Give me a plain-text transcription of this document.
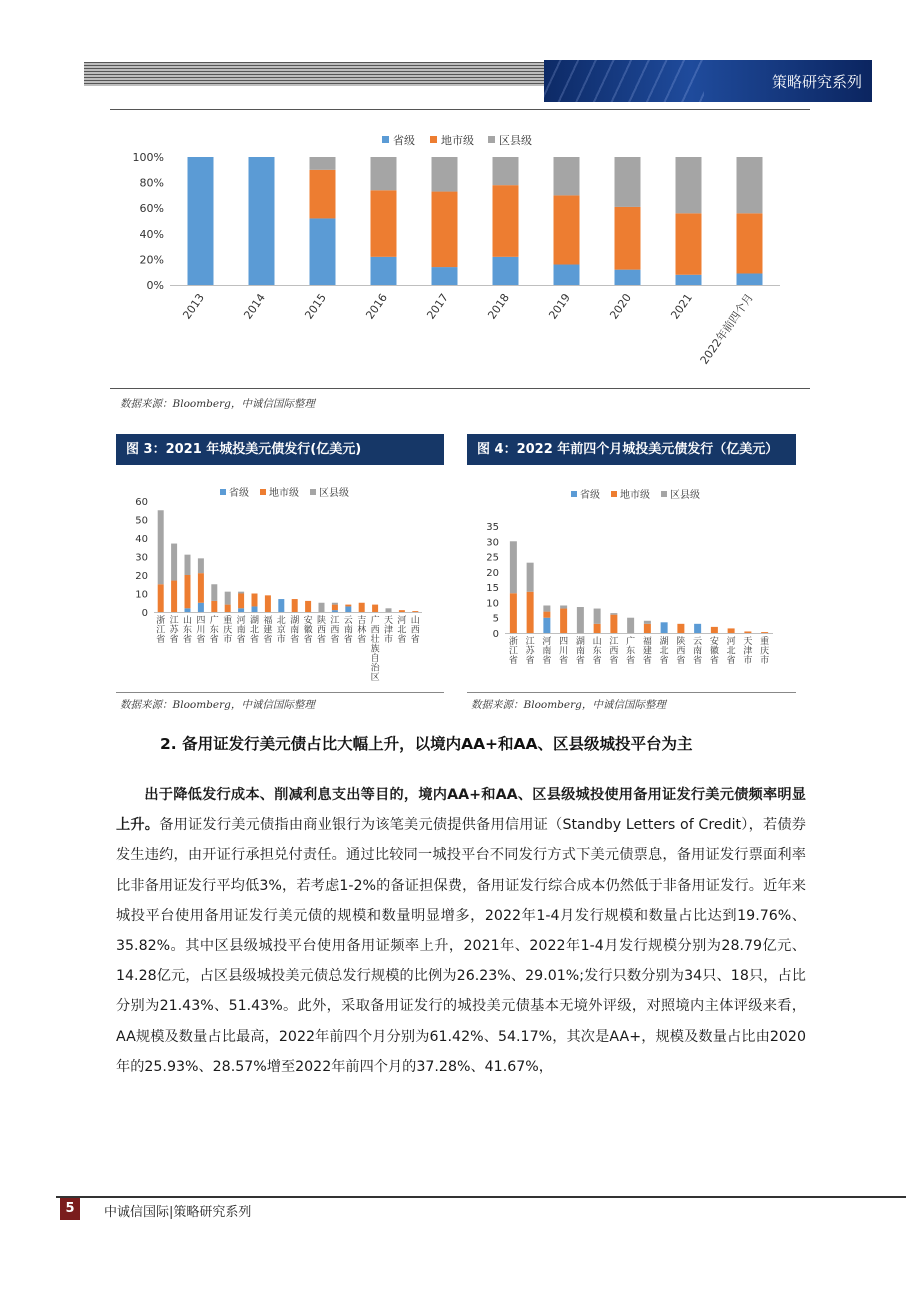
策略研究系列
省级 地市级 区县级
0%
20%
40%
60%
80%
100%
2013	2014	2015	2016	2017	2018	2019	2020	2021 2022年前四个月
数据来源：Bloomberg，中诚信国际整理
图 3：2021 年城投美元债发行(亿美元)
省级 地市级 区县级
0
10
20
30
40
50
60
浙江省
江苏省
山东省
四川省
广东省
重庆市
河南省
湖北省
福建省
北京市
湖南省
安徽省
陕西省
江西省
云南省
吉林省
广西壮族自治区
天津市
河北省
山西省
数据来源：Bloomberg，中诚信国际整理
图 4：2022 年前四个月城投美元债发行（亿美元）
省级 地市级 区县级
0
5
10
15
20
25
30
35
浙江省
江苏省
河南省
四川省
湖南省
山东省
江西省
广东省
福建省
湖北省
陕西省
云南省
安徽省
河北省
天津市
重庆市
数据来源：Bloomberg，中诚信国际整理
2. 备用证发行美元债占比大幅上升，以境内AA+和AA、区县级城投平台为主

出于降低发行成本、削减利息支出等目的，境内AA+和AA、区县级城投使用备用证发行美元债频率明显上升。备用证发行美元债指由商业银行为该笔美元债提供备用信用证（Standby Letters of Credit），若债券发生违约，由开证行承担兑付责任。通过比较同一城投平台不同发行方式下美元债票息，备用证发行票面利率比非备用证发行平均低3%，若考虑1-2%的备证担保费，备用证发行综合成本仍然低于非备用证发行。近年来城投平台使用备用证发行美元债的规模和数量明显增多，2022年1-4月发行规模和数量占比达到19.76%、35.82%。其中区县级城投平台使用备用证频率上升，2021年、2022年1-4月发行规模分别为28.79亿元、14.28亿元，占区县级城投美元债总发行规模的比例为26.23%、29.01%;发行只数分别为34只、18只，占比分别为21.43%、51.43%。此外，采取备用证发行的城投美元债基本无境外评级，对照境内主体评级来看，AA规模及数量占比最高，2022年前四个月分别为61.42%、54.17%，其次是AA+，规模及数量占比由2020年的25.93%、28.57%增至2022年前四个月的37.28%、41.67%，

5	中诚信国际|策略研究系列
